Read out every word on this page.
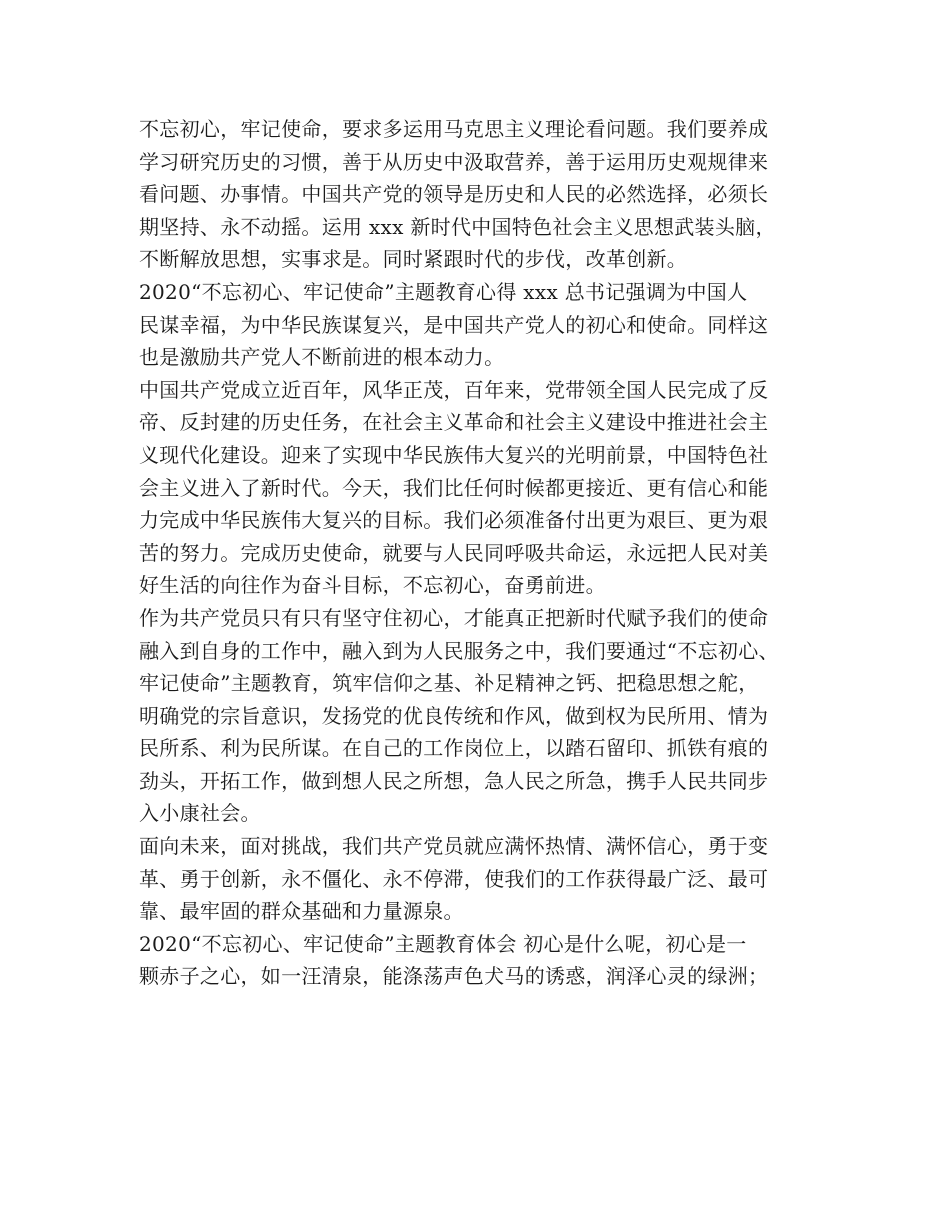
不忘初心，牢记使命，要求多运用马克思主义理论看问题。我们要养成
学习研究历史的习惯，善于从历史中汲取营养，善于运用历史观规律来
看问题、办事情。中国共产党的领导是历史和人民的必然选择，必须长
期坚持、永不动摇。运用 xxx 新时代中国特色社会主义思想武装头脑，
不断解放思想，实事求是。同时紧跟时代的步伐，改革创新。

2020“不忘初心、牢记使命”主题教育心得 xxx 总书记强调为中国人
民谋幸福，为中华民族谋复兴，是中国共产党人的初心和使命。同样这
也是激励共产党人不断前进的根本动力。

中国共产党成立近百年，风华正茂，百年来，党带领全国人民完成了反
帝、反封建的历史任务，在社会主义革命和社会主义建设中推进社会主
义现代化建设。迎来了实现中华民族伟大复兴的光明前景，中国特色社
会主义进入了新时代。今天，我们比任何时候都更接近、更有信心和能
力完成中华民族伟大复兴的目标。我们必须准备付出更为艰巨、更为艰
苦的努力。完成历史使命，就要与人民同呼吸共命运，永远把人民对美
好生活的向往作为奋斗目标，不忘初心，奋勇前进。

作为共产党员只有只有坚守住初心，才能真正把新时代赋予我们的使命
融入到自身的工作中，融入到为人民服务之中，我们要通过“不忘初心、
牢记使命”主题教育，筑牢信仰之基、补足精神之钙、把稳思想之舵，
明确党的宗旨意识，发扬党的优良传统和作风，做到权为民所用、情为
民所系、利为民所谋。在自己的工作岗位上，以踏石留印、抓铁有痕的
劲头，开拓工作，做到想人民之所想，急人民之所急，携手人民共同步
入小康社会。

面向未来，面对挑战，我们共产党员就应满怀热情、满怀信心，勇于变
革、勇于创新，永不僵化、永不停滞，使我们的工作获得最广泛、最可
靠、最牢固的群众基础和力量源泉。

2020“不忘初心、牢记使命”主题教育体会 初心是什么呢，初心是一
颗赤子之心，如一汪清泉，能涤荡声色犬马的诱惑，润泽心灵的绿洲；
